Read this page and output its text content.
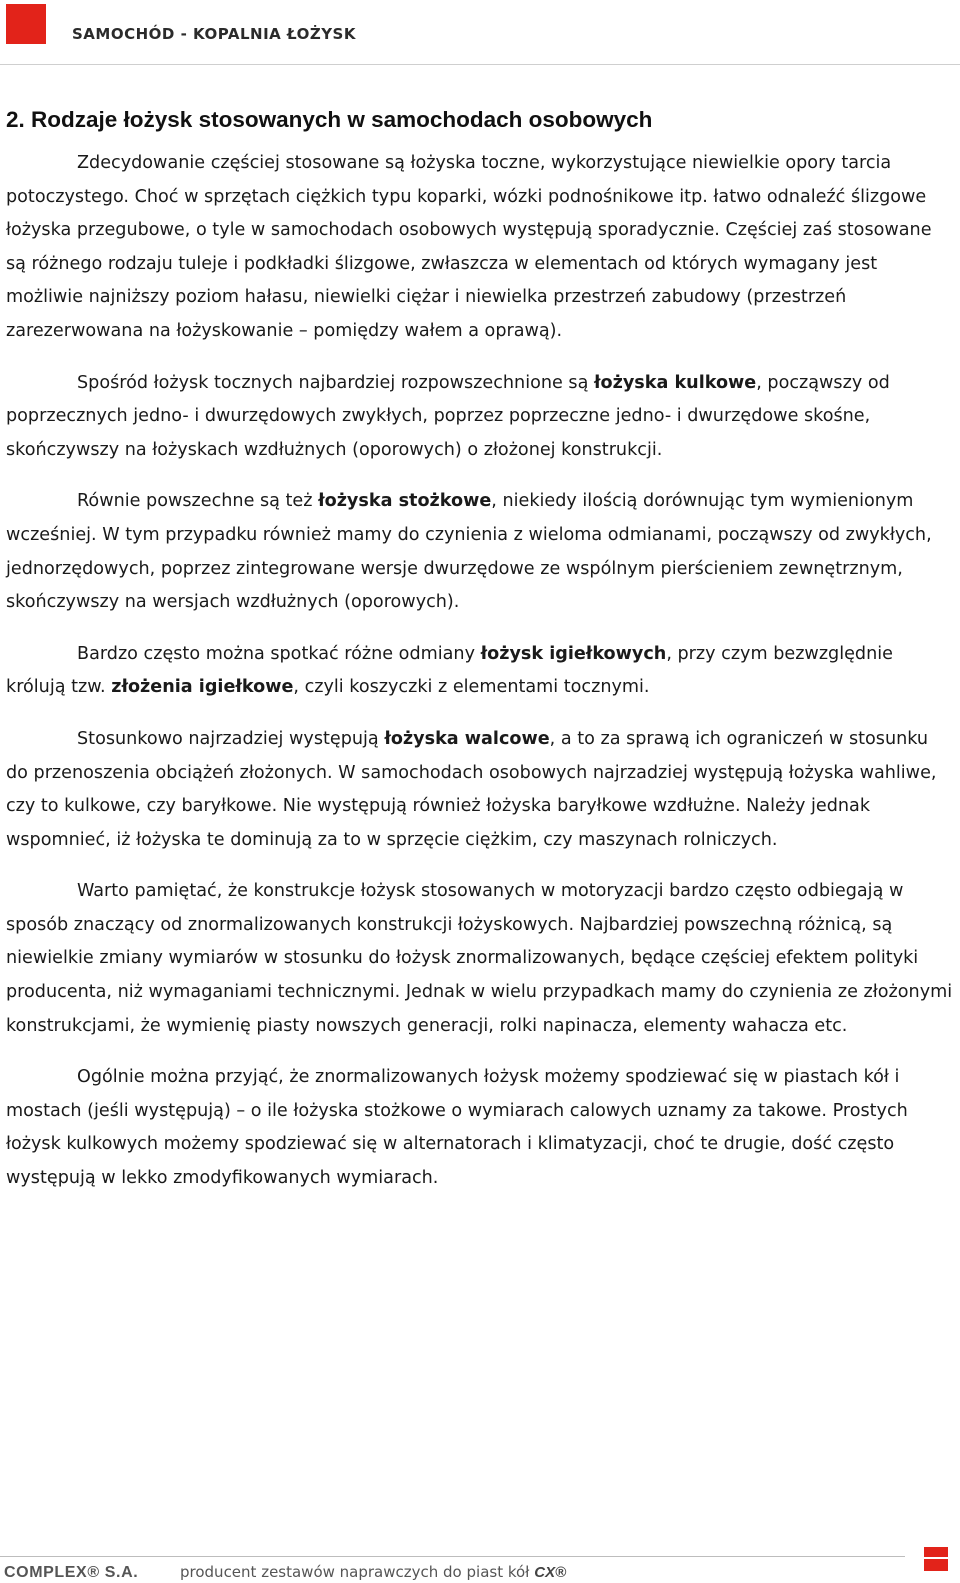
SAMOCHÓD - KOPALNIA ŁOŻYSK
2. Rodzaje łożysk stosowanych w samochodach osobowych

Zdecydowanie częściej stosowane są łożyska toczne, wykorzystujące niewielkie opory tarcia potoczystego. Choć w sprzętach ciężkich typu koparki, wózki podnośnikowe itp. łatwo odnaleźć ślizgowe łożyska przegubowe, o tyle w samochodach osobowych występują sporadycznie. Częściej zaś stosowane są różnego rodzaju tuleje i podkładki ślizgowe, zwłaszcza w elementach od których wymagany jest możliwie najniższy poziom hałasu, niewielki ciężar i niewielka przestrzeń zabudowy (przestrzeń zarezerwowana na łożyskowanie – pomiędzy wałem a oprawą).

Spośród łożysk tocznych najbardziej rozpowszechnione są łożyska kulkowe, począwszy od poprzecznych jedno- i dwurzędowych zwykłych, poprzez poprzeczne jedno- i dwurzędowe skośne, skończywszy na łożyskach wzdłużnych (oporowych) o złożonej konstrukcji.

Równie powszechne są też łożyska stożkowe, niekiedy ilością dorównując tym wymienionym wcześniej. W tym przypadku również mamy do czynienia z wieloma odmianami, począwszy od zwykłych, jednorzędowych, poprzez zintegrowane wersje dwurzędowe ze wspólnym pierścieniem zewnętrznym, skończywszy na wersjach wzdłużnych (oporowych).

Bardzo często można spotkać różne odmiany łożysk igiełkowych, przy czym bezwzględnie królują tzw. złożenia igiełkowe, czyli koszyczki z elementami tocznymi.

Stosunkowo najrzadziej występują łożyska walcowe, a to za sprawą ich ograniczeń w stosunku do przenoszenia obciążeń złożonych. W samochodach osobowych najrzadziej występują łożyska wahliwe, czy to kulkowe, czy baryłkowe. Nie występują również łożyska baryłkowe wzdłużne. Należy jednak wspomnieć, iż łożyska te dominują za to w sprzęcie ciężkim, czy maszynach rolniczych.

Warto pamiętać, że konstrukcje łożysk stosowanych w motoryzacji bardzo często odbiegają w sposób znaczący od znormalizowanych konstrukcji łożyskowych. Najbardziej powszechną różnicą, są niewielkie zmiany wymiarów w stosunku do łożysk znormalizowanych, będące częściej efektem polityki producenta, niż wymaganiami technicznymi. Jednak w wielu przypadkach mamy do czynienia ze złożonymi konstrukcjami, że wymienię piasty nowszych generacji, rolki napinacza, elementy wahacza etc.

Ogólnie można przyjąć, że znormalizowanych łożysk możemy spodziewać się w piastach kół i mostach (jeśli występują) – o ile łożyska stożkowe o wymiarach calowych uznamy za takowe. Prostych łożysk kulkowych możemy spodziewać się w alternatorach i klimatyzacji, choć te drugie, dość często występują w lekko zmodyfikowanych wymiarach.

COMPLEX® S.A.	producent zestawów naprawczych do piast kół CX®
